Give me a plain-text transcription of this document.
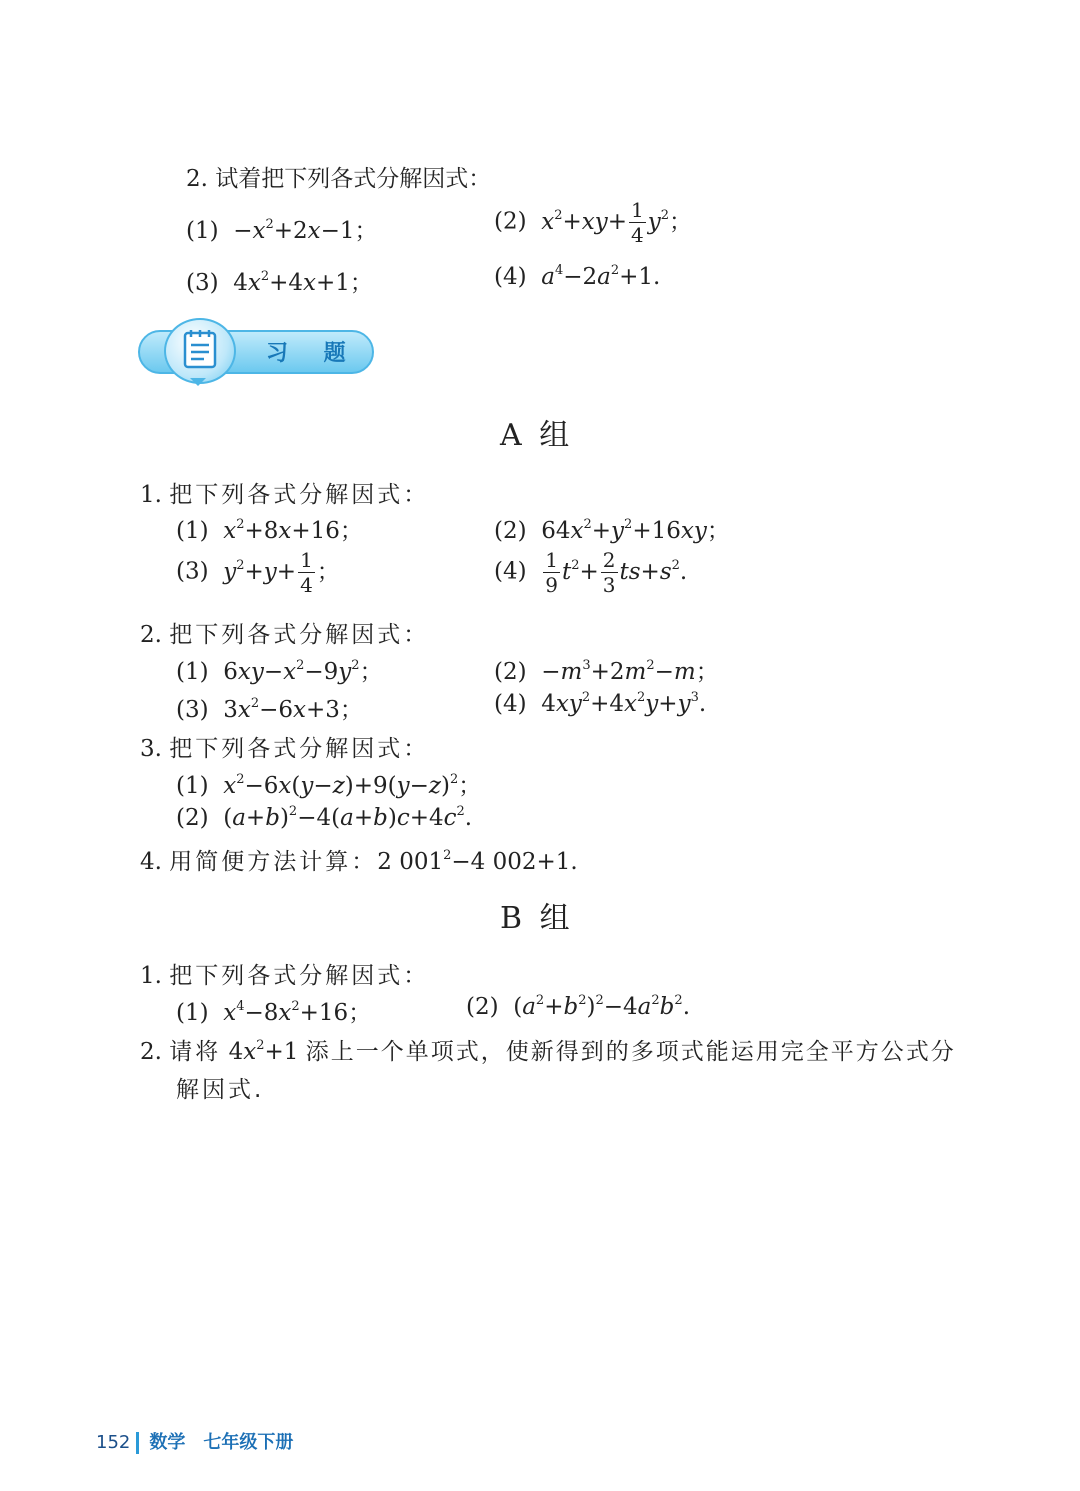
2. 试着把下列各式分解因式：
$(1) -x^2+2x-1$；	(2) $x^2+xy+ \frac{1}{4} y^2$；
(3) $4x^2+4x+1$；	(4) $a^4-2a^2+1$.
习 题
A 组
1. 把下列各式分解因式：
(1) $x^2+8x+16$；	(2) $64x^2+y^2+16xy$；
(3) $y^2+y+ \frac{1}{4}$ ；	$(4) \frac{1}{9} t^2+ \frac{2}{3} ts+s^2$.
2. 把下列各式分解因式：
(1) $6xy-x^2-9y^2$；	$(2) -m^3+2m^2-m$；
(3) $3x^2-6x+3$；	(4) $4xy^2+4x^2y+y^3$.
3. 把下列各式分解因式：
(1) $x^2-6x(y-z)+9(y-z)^2$；
(2) $(a+b)^2-4(a+b)c+4c^2$.
4. 用简便方法计算：2 $001^2-4$ 002+1.
B 组
1. 把下列各式分解因式：
(1) $x^4-8x^2+16$；	(2) $(a^2+b^2)^2-4a^2b^2$.
2. 请将 $4x^2+1$ 添上一个单项式，使新得到的多项式能运用完全平方公式分
解因式.
152 数学　七年级下册
